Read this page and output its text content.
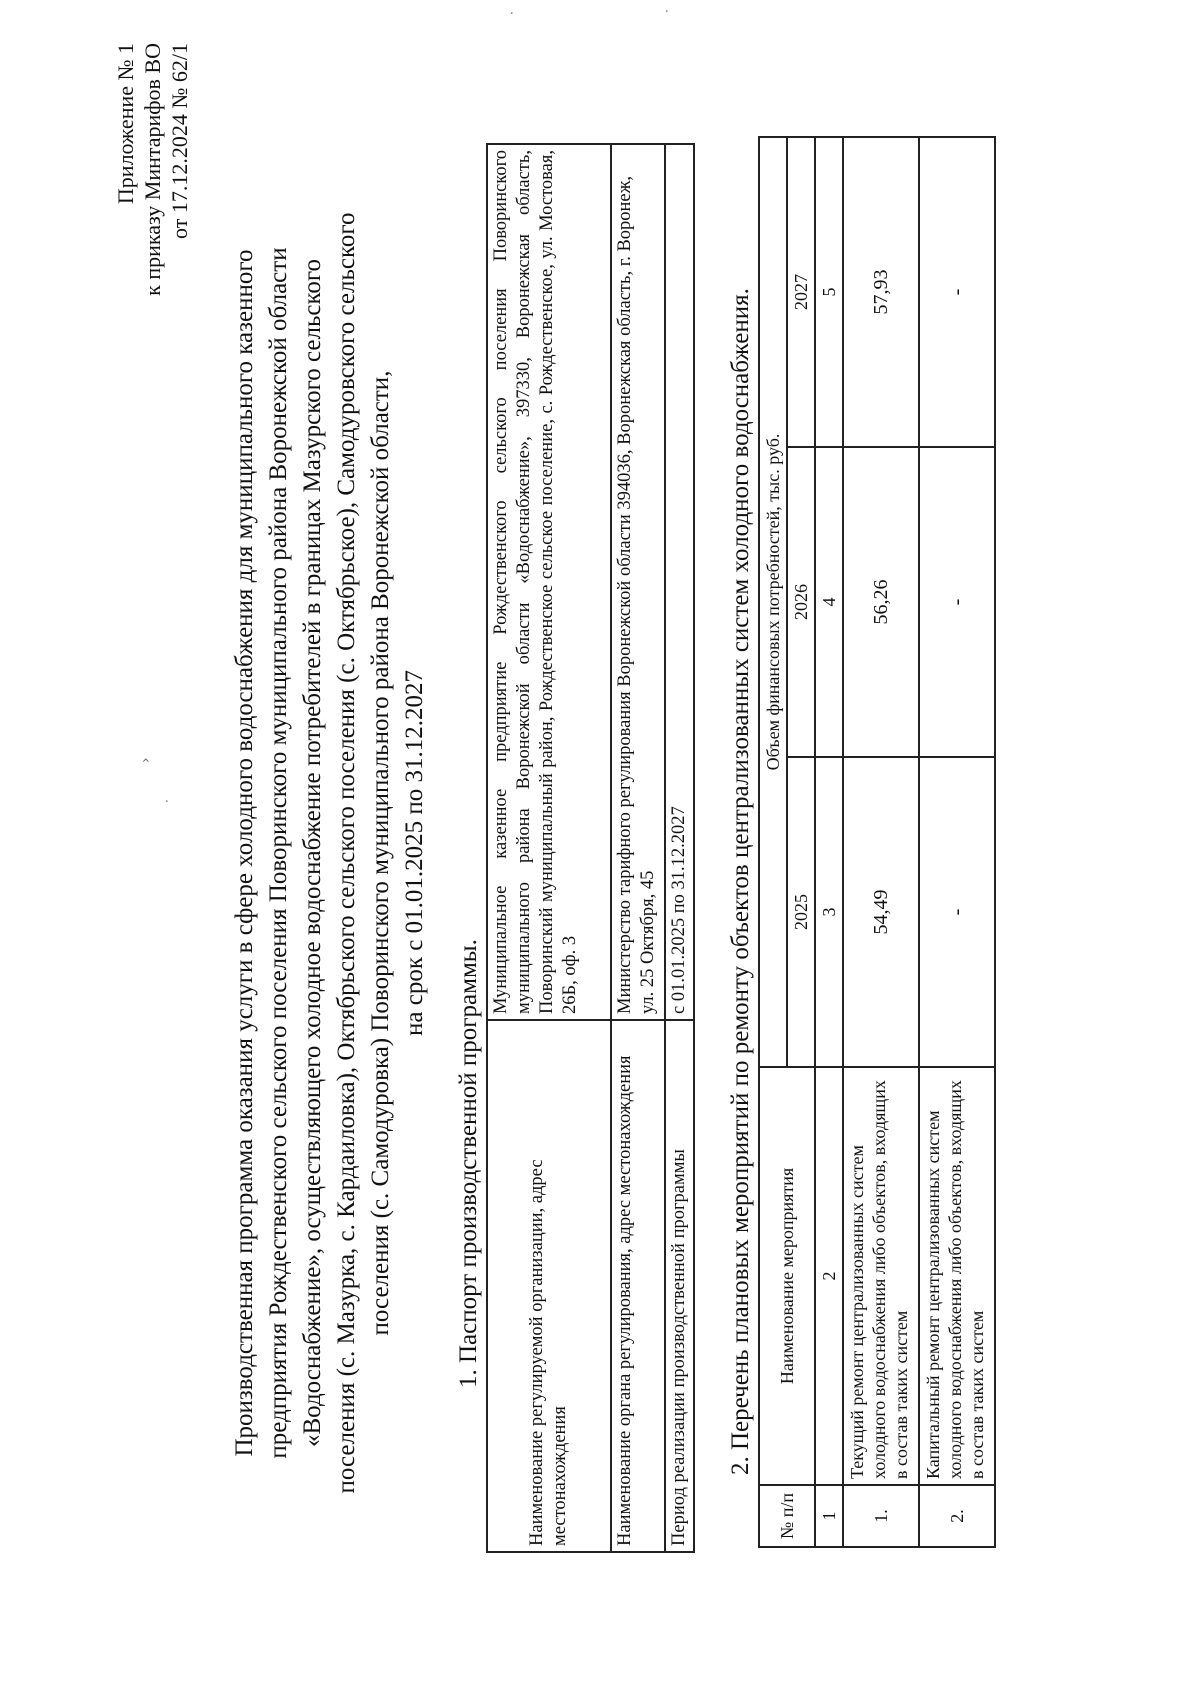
Приложение № 1 к приказу Минтарифов ВО от 17.12.2024 № 62/1
Производственная программа оказания услуги в сфере холодного водоснабжения для муниципального казенного предприятия Рождественского сельского поселения Поворинского муниципального района Воронежской области «Водоснабжение», осуществляющего холодное водоснабжение потребителей в границах Мазурского сельского поселения (с. Мазурка, с. Кардаиловка), Октябрьского сельского поселения (с. Октябрьское), Самодуровского сельского поселения (с. Самодуровка) Поворинского муниципального района Воронежской области, на срок с 01.01.2025 по 31.12.2027
1. Паспорт производственной программы. Наименование регулируемой организации, адрес местонахождения	Муниципальное казенное предприятие Рождественского сельского поселения Поворинского муниципального района Воронежской области «Водоснабжение», 397330, Воронежская область, Поворинский муниципальный район, Рождественское сельское поселение, с. Рождественское, ул. Мостовая, 26Б, оф. 3
Наименование органа регулирования, адрес местонахождения	Министерство тарифного регулирования Воронежской области 394036, Воронежская область, г. Воронеж, ул. 25 Октября, 45
Период реализации производственной программы	с 01.01.2025 по 31.12.2027 2. Перечень плановых мероприятий по ремонту объектов централизованных систем холодного водоснабжения.
№ п/п	Наименование мероприятия	Объем финансовых потребностей, тыс. руб.		
		2025	2026	2027
1	2	3	4	5
1.	Текущий ремонт централизованных систем холодного водоснабжения либо объектов, входящих в состав таких систем	54,49	56,26	57,93
2.	Капитальный ремонт централизованных систем холодного водоснабжения либо объектов, входящих в состав таких систем	-	-	-
·
·
›
·
